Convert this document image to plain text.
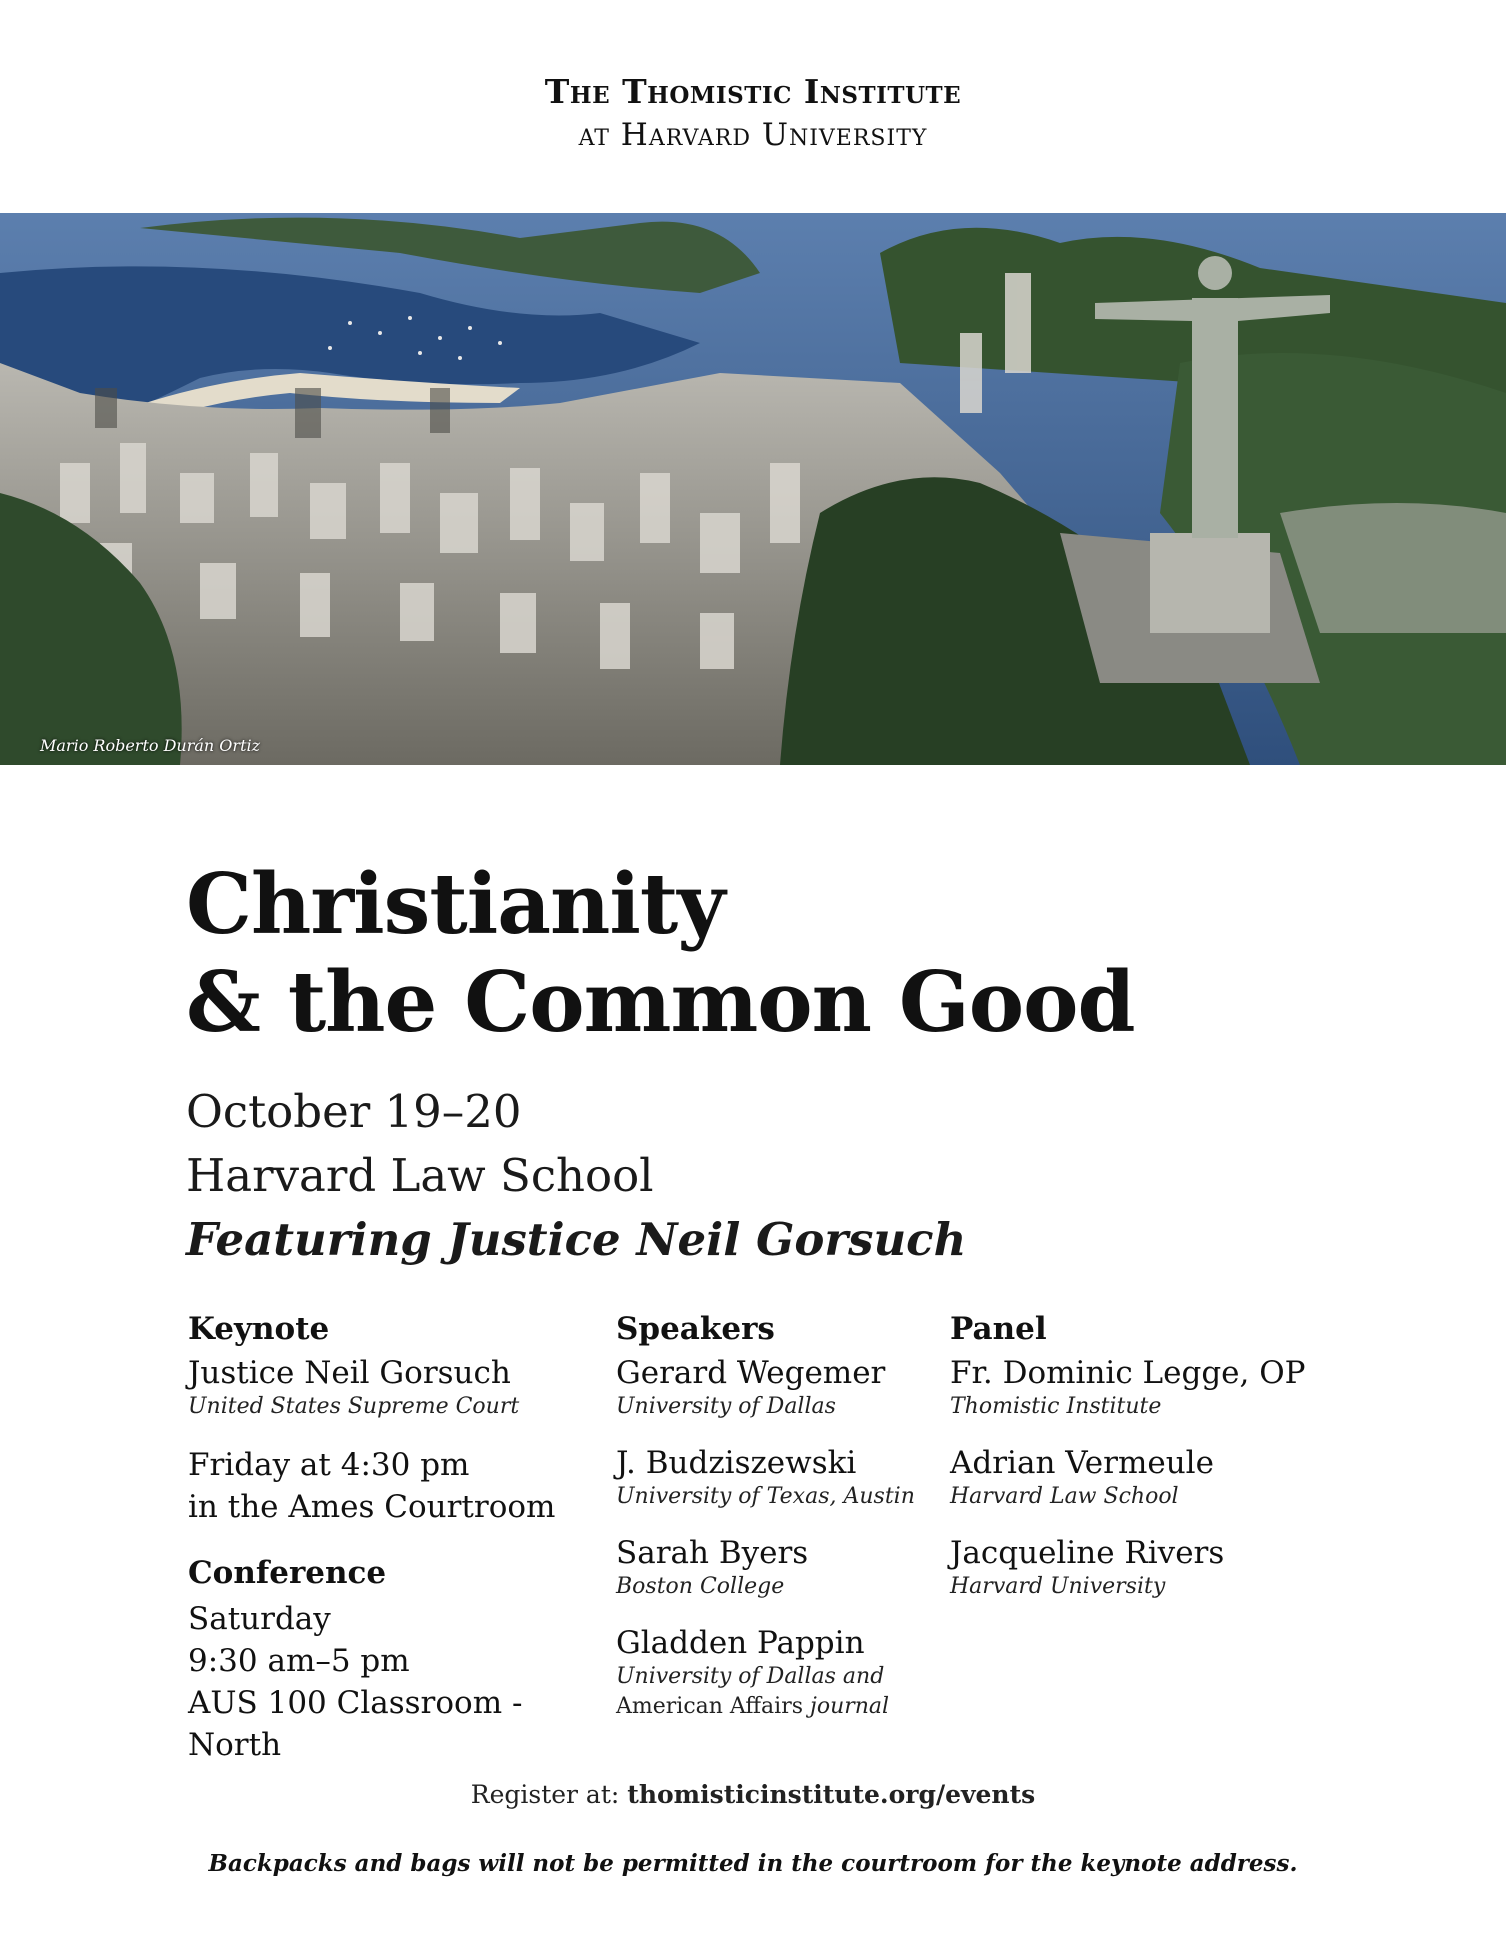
The Thomistic Institute
at Harvard University
Mario Roberto Durán Ortiz
Christianity
& the Common Good
October 19–20
Harvard Law School
Featuring Justice Neil Gorsuch
Keynote
Justice Neil Gorsuch
United States Supreme Court
Friday at 4:30 pm
in the Ames Courtroom
Conference
Saturday
9:30 am–5 pm
AUS 100 Classroom - North
Speakers
Gerard Wegemer
University of Dallas
J. Budziszewski
University of Texas, Austin
Sarah Byers
Boston College
Gladden Pappin
University of Dallas and
American Affairs journal
Panel
Fr. Dominic Legge, OP
Thomistic Institute
Adrian Vermeule
Harvard Law School
Jacqueline Rivers
Harvard University
Register at: thomisticinstitute.org/events
Backpacks and bags will not be permitted in the courtroom for the keynote address.
